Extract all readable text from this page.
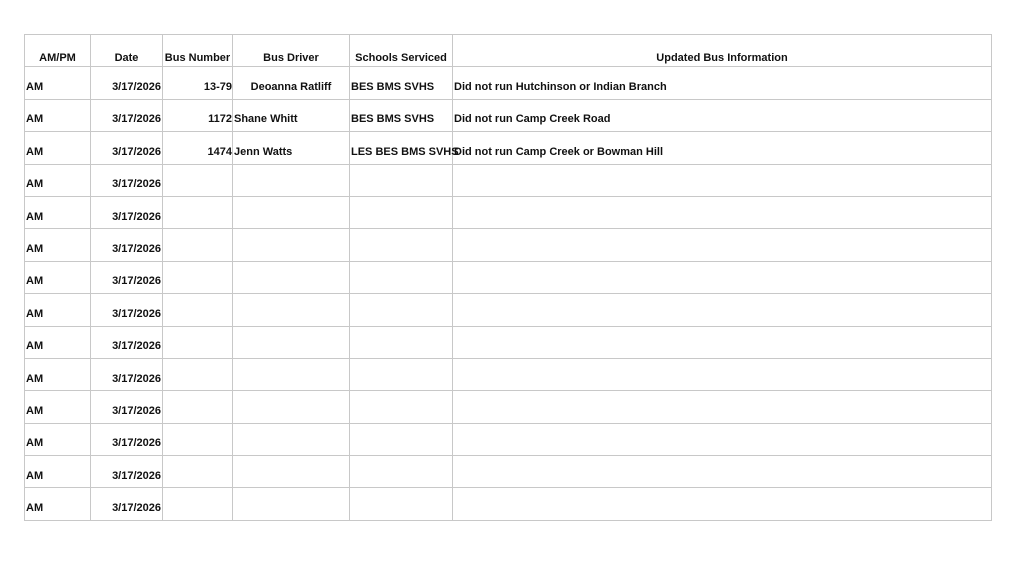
AM/PM	Date	Bus Number	Bus Driver	Schools Serviced	Updated Bus Information
AM	3/17/2026	13-79	Deoanna Ratliff	BES BMS SVHS	Did not run Hutchinson or Indian Branch
AM	3/17/2026	1172	Shane Whitt	BES BMS SVHS	Did not run Camp Creek Road
AM	3/17/2026	1474	Jenn Watts	LES BES BMS SVHS	Did not run Camp Creek or Bowman Hill
AM	3/17/2026				
AM	3/17/2026				
AM	3/17/2026				
AM	3/17/2026				
AM	3/17/2026				
AM	3/17/2026				
AM	3/17/2026				
AM	3/17/2026				
AM	3/17/2026				
AM	3/17/2026				
AM	3/17/2026				
